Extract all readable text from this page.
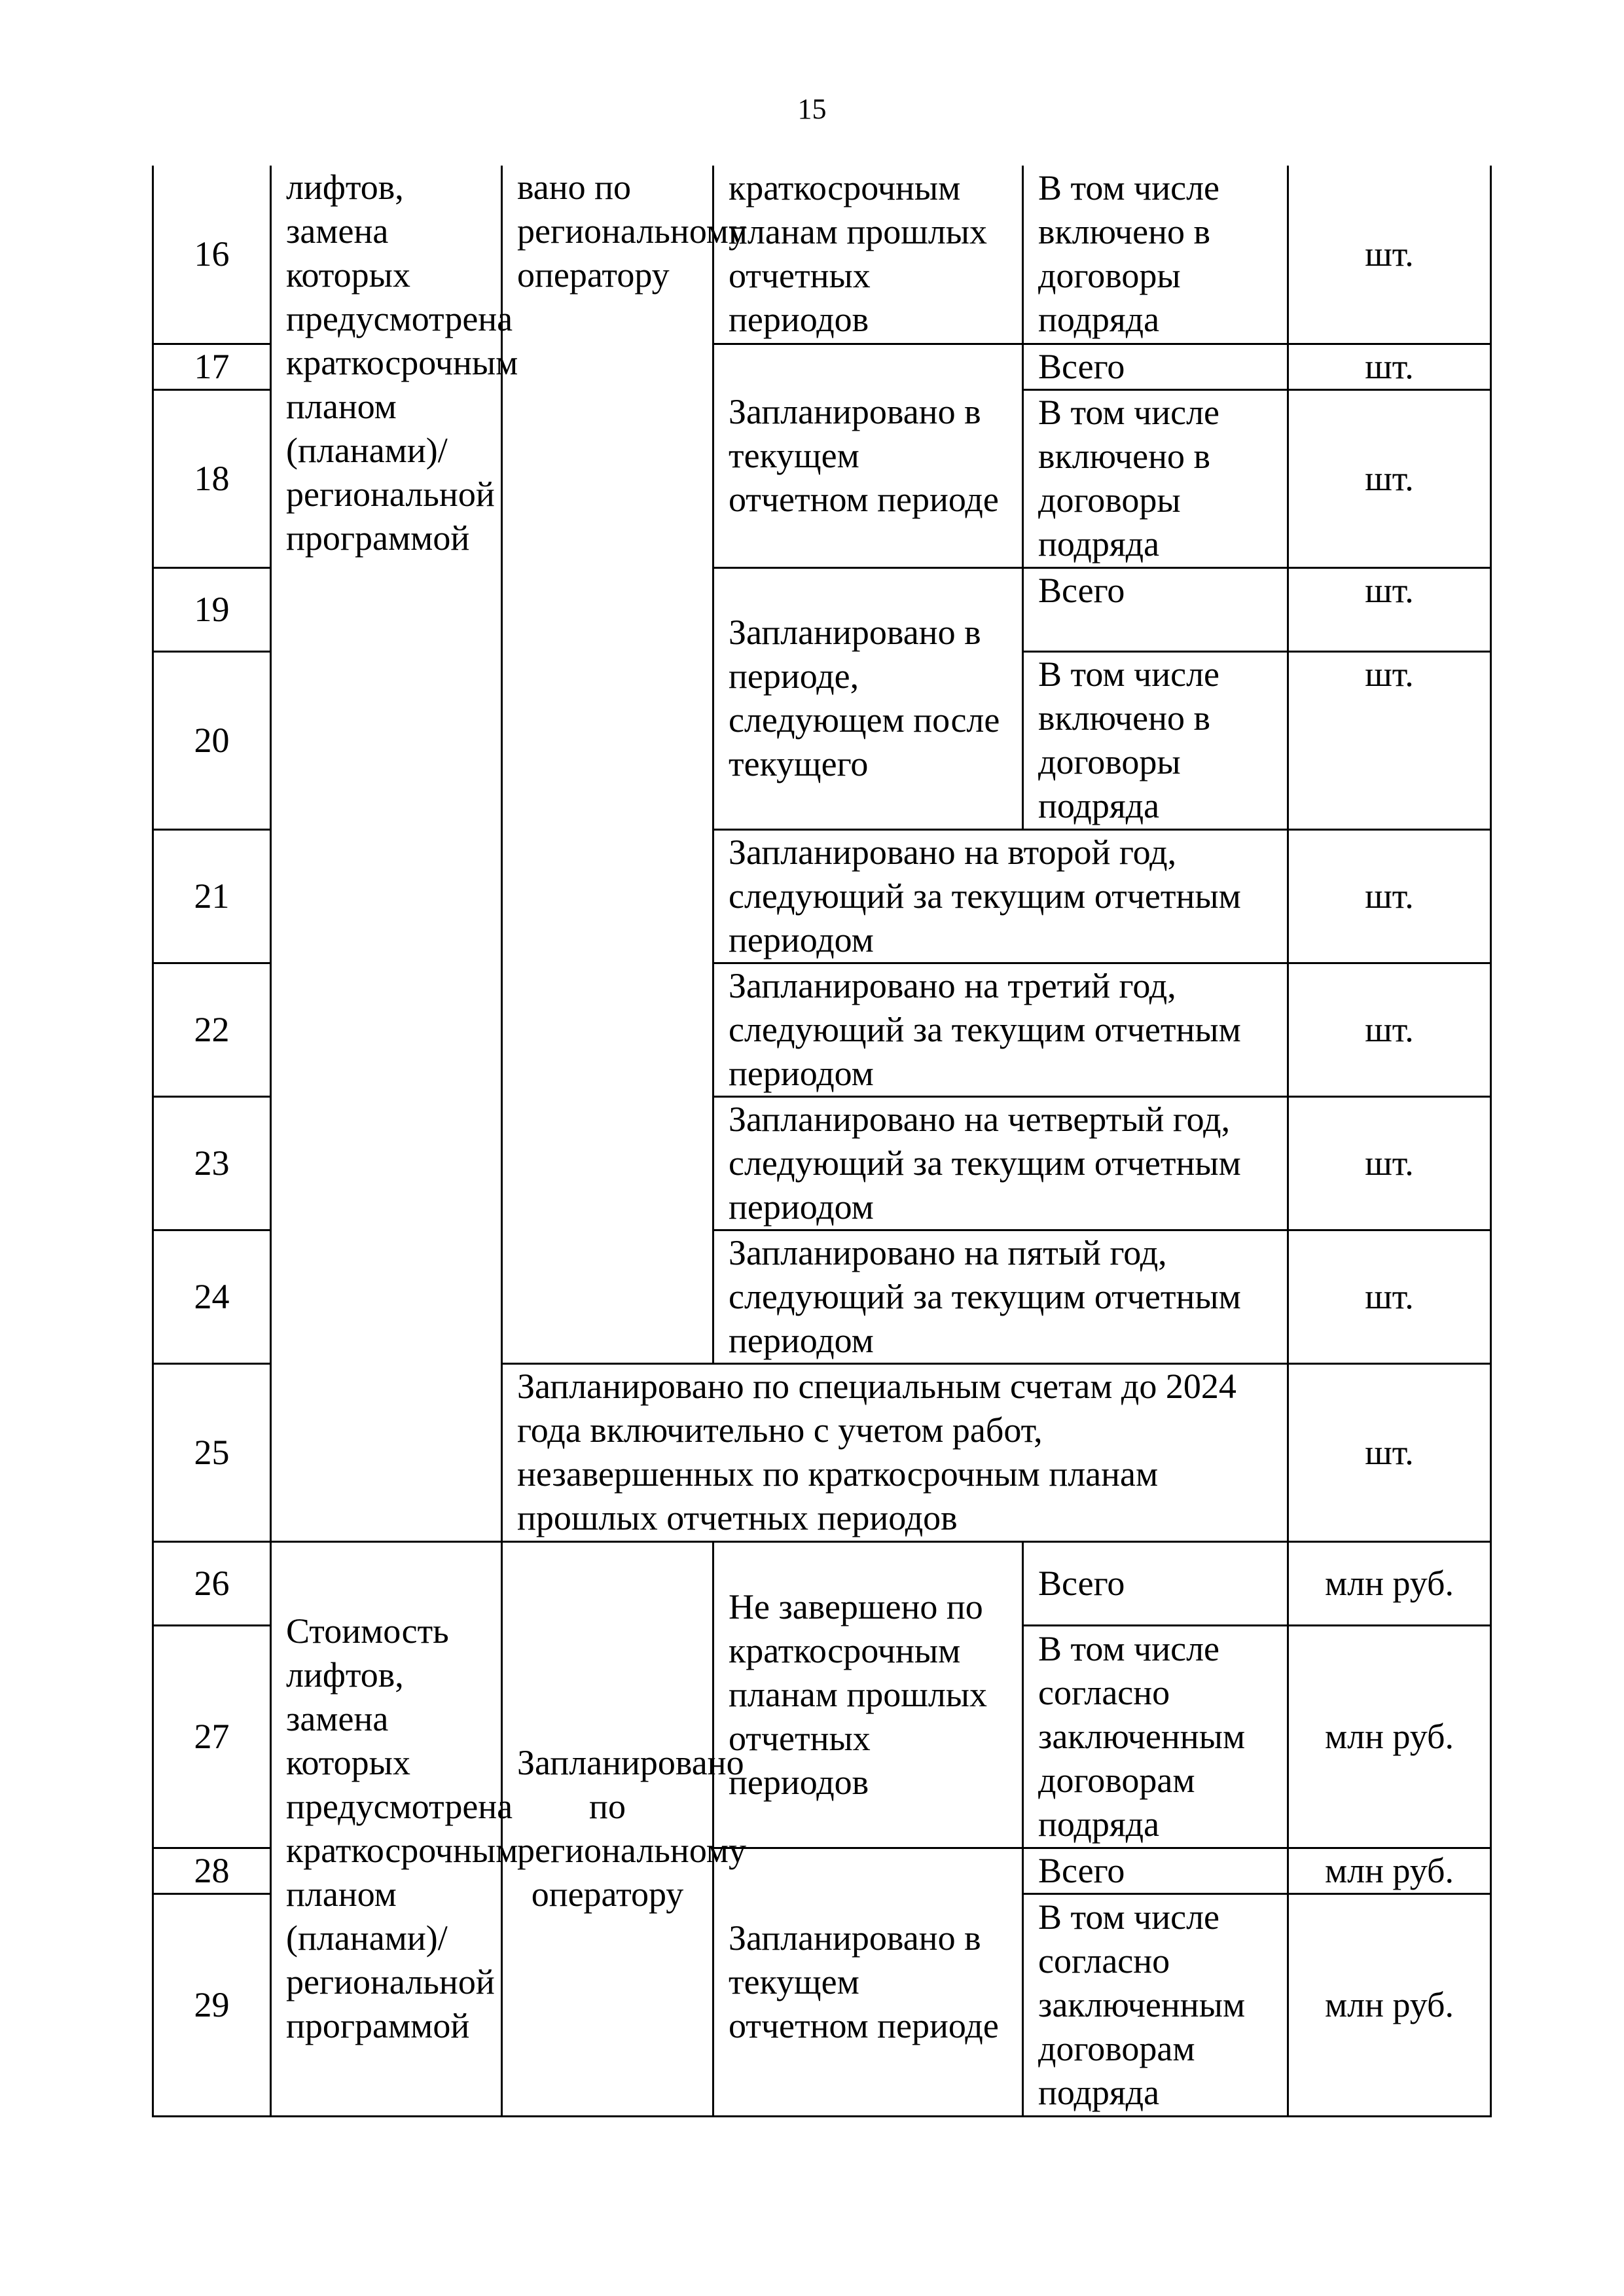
15
16	лифтов, замена которых предусмотрена краткосрочным планом (планами)/региональной программой	вано по региональному оператору	краткосрочным планам прошлых отчетных периодов	В том числе включено в договоры подряда	шт.
17			Запланировано в текущем отчетном периоде	Всего	шт.
18				В том числе включено в договоры подряда	шт.
19			Запланировано в периоде, следующем после текущего	Всего	шт.
20				В том числе включено в договоры подряда	шт.
21			Запланировано на второй год, следующий за текущим отчетным периодом		шт.
22			Запланировано на третий год, следующий за текущим отчетным периодом		шт.
23			Запланировано на четвертый год, следующий за текущим отчетным периодом		шт.
24			Запланировано на пятый год, следующий за текущим отчетным периодом		шт.
25		Запланировано по специальным счетам до 2024 года включительно с учетом работ, незавершенных по краткосрочным планам прошлых отчетных периодов			шт.
26	Стоимость лифтов, замена которых предусмотрена краткосрочным планом (планами)/региональной программой	Запланировано по региональному оператору	Не завершено по краткосрочным планам прошлых отчетных периодов	Всего	млн руб.
27				В том числе согласно заключенным договорам подряда	млн руб.
28			Запланировано в текущем отчетном периоде	Всего	млн руб.
29				В том числе согласно заключенным договорам подряда	млн руб.
